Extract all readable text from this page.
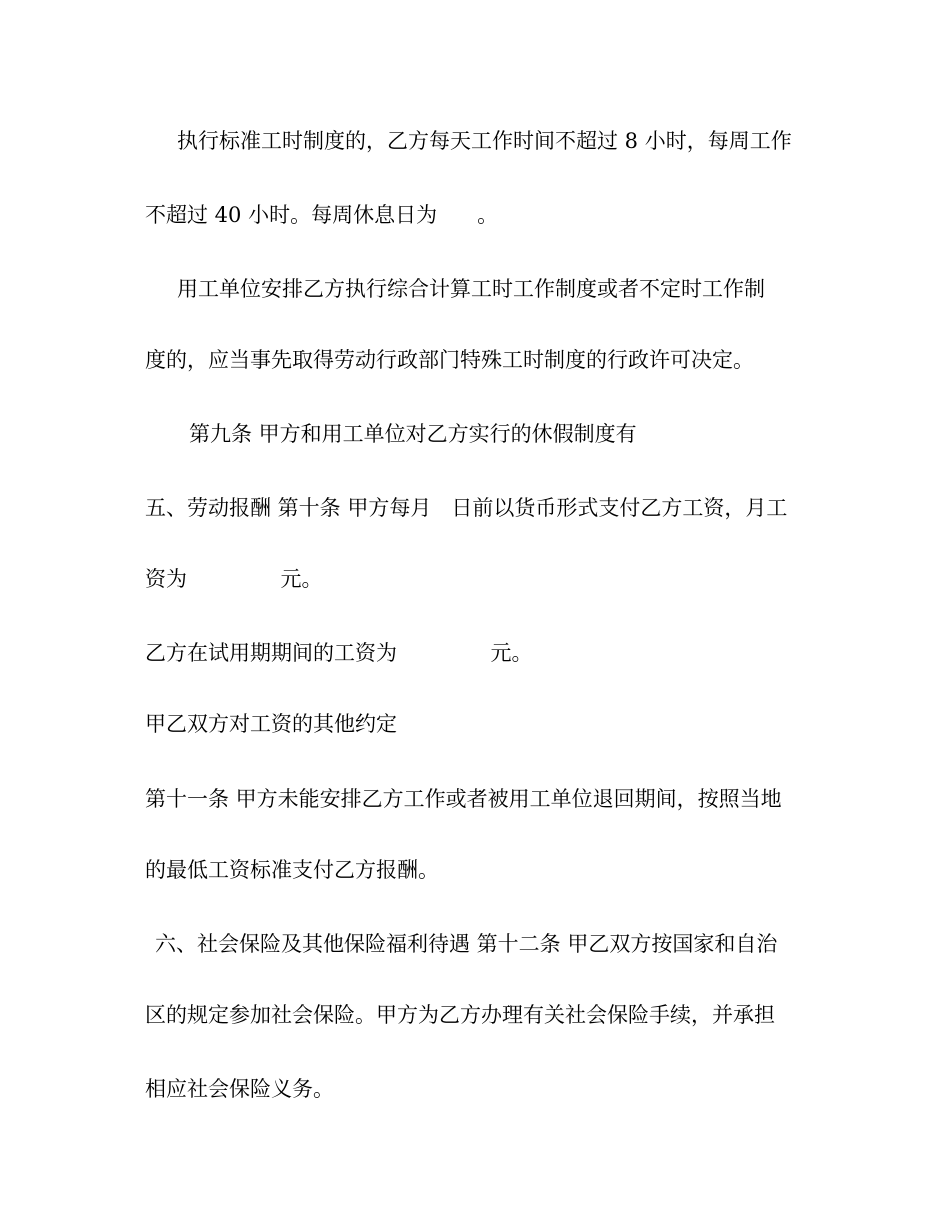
执行标准工时制度的，乙方每天工作时间不超过 8 小时，每周工作
不超过 40 小时。每周休息日为      。
用工单位安排乙方执行综合计算工时工作制度或者不定时工作制
度的，应当事先取得劳动行政部门特殊工时制度的行政许可决定。
第九条 甲方和用工单位对乙方实行的休假制度有
五、劳动报酬 第十条 甲方每月   日前以货币形式支付乙方工资，月工
资为              元。
乙方在试用期期间的工资为              元。
甲乙双方对工资的其他约定
第十一条 甲方未能安排乙方工作或者被用工单位退回期间，按照当地
的最低工资标准支付乙方报酬。
六、社会保险及其他保险福利待遇 第十二条 甲乙双方按国家和自治
区的规定参加社会保险。甲方为乙方办理有关社会保险手续，并承担
相应社会保险义务。
